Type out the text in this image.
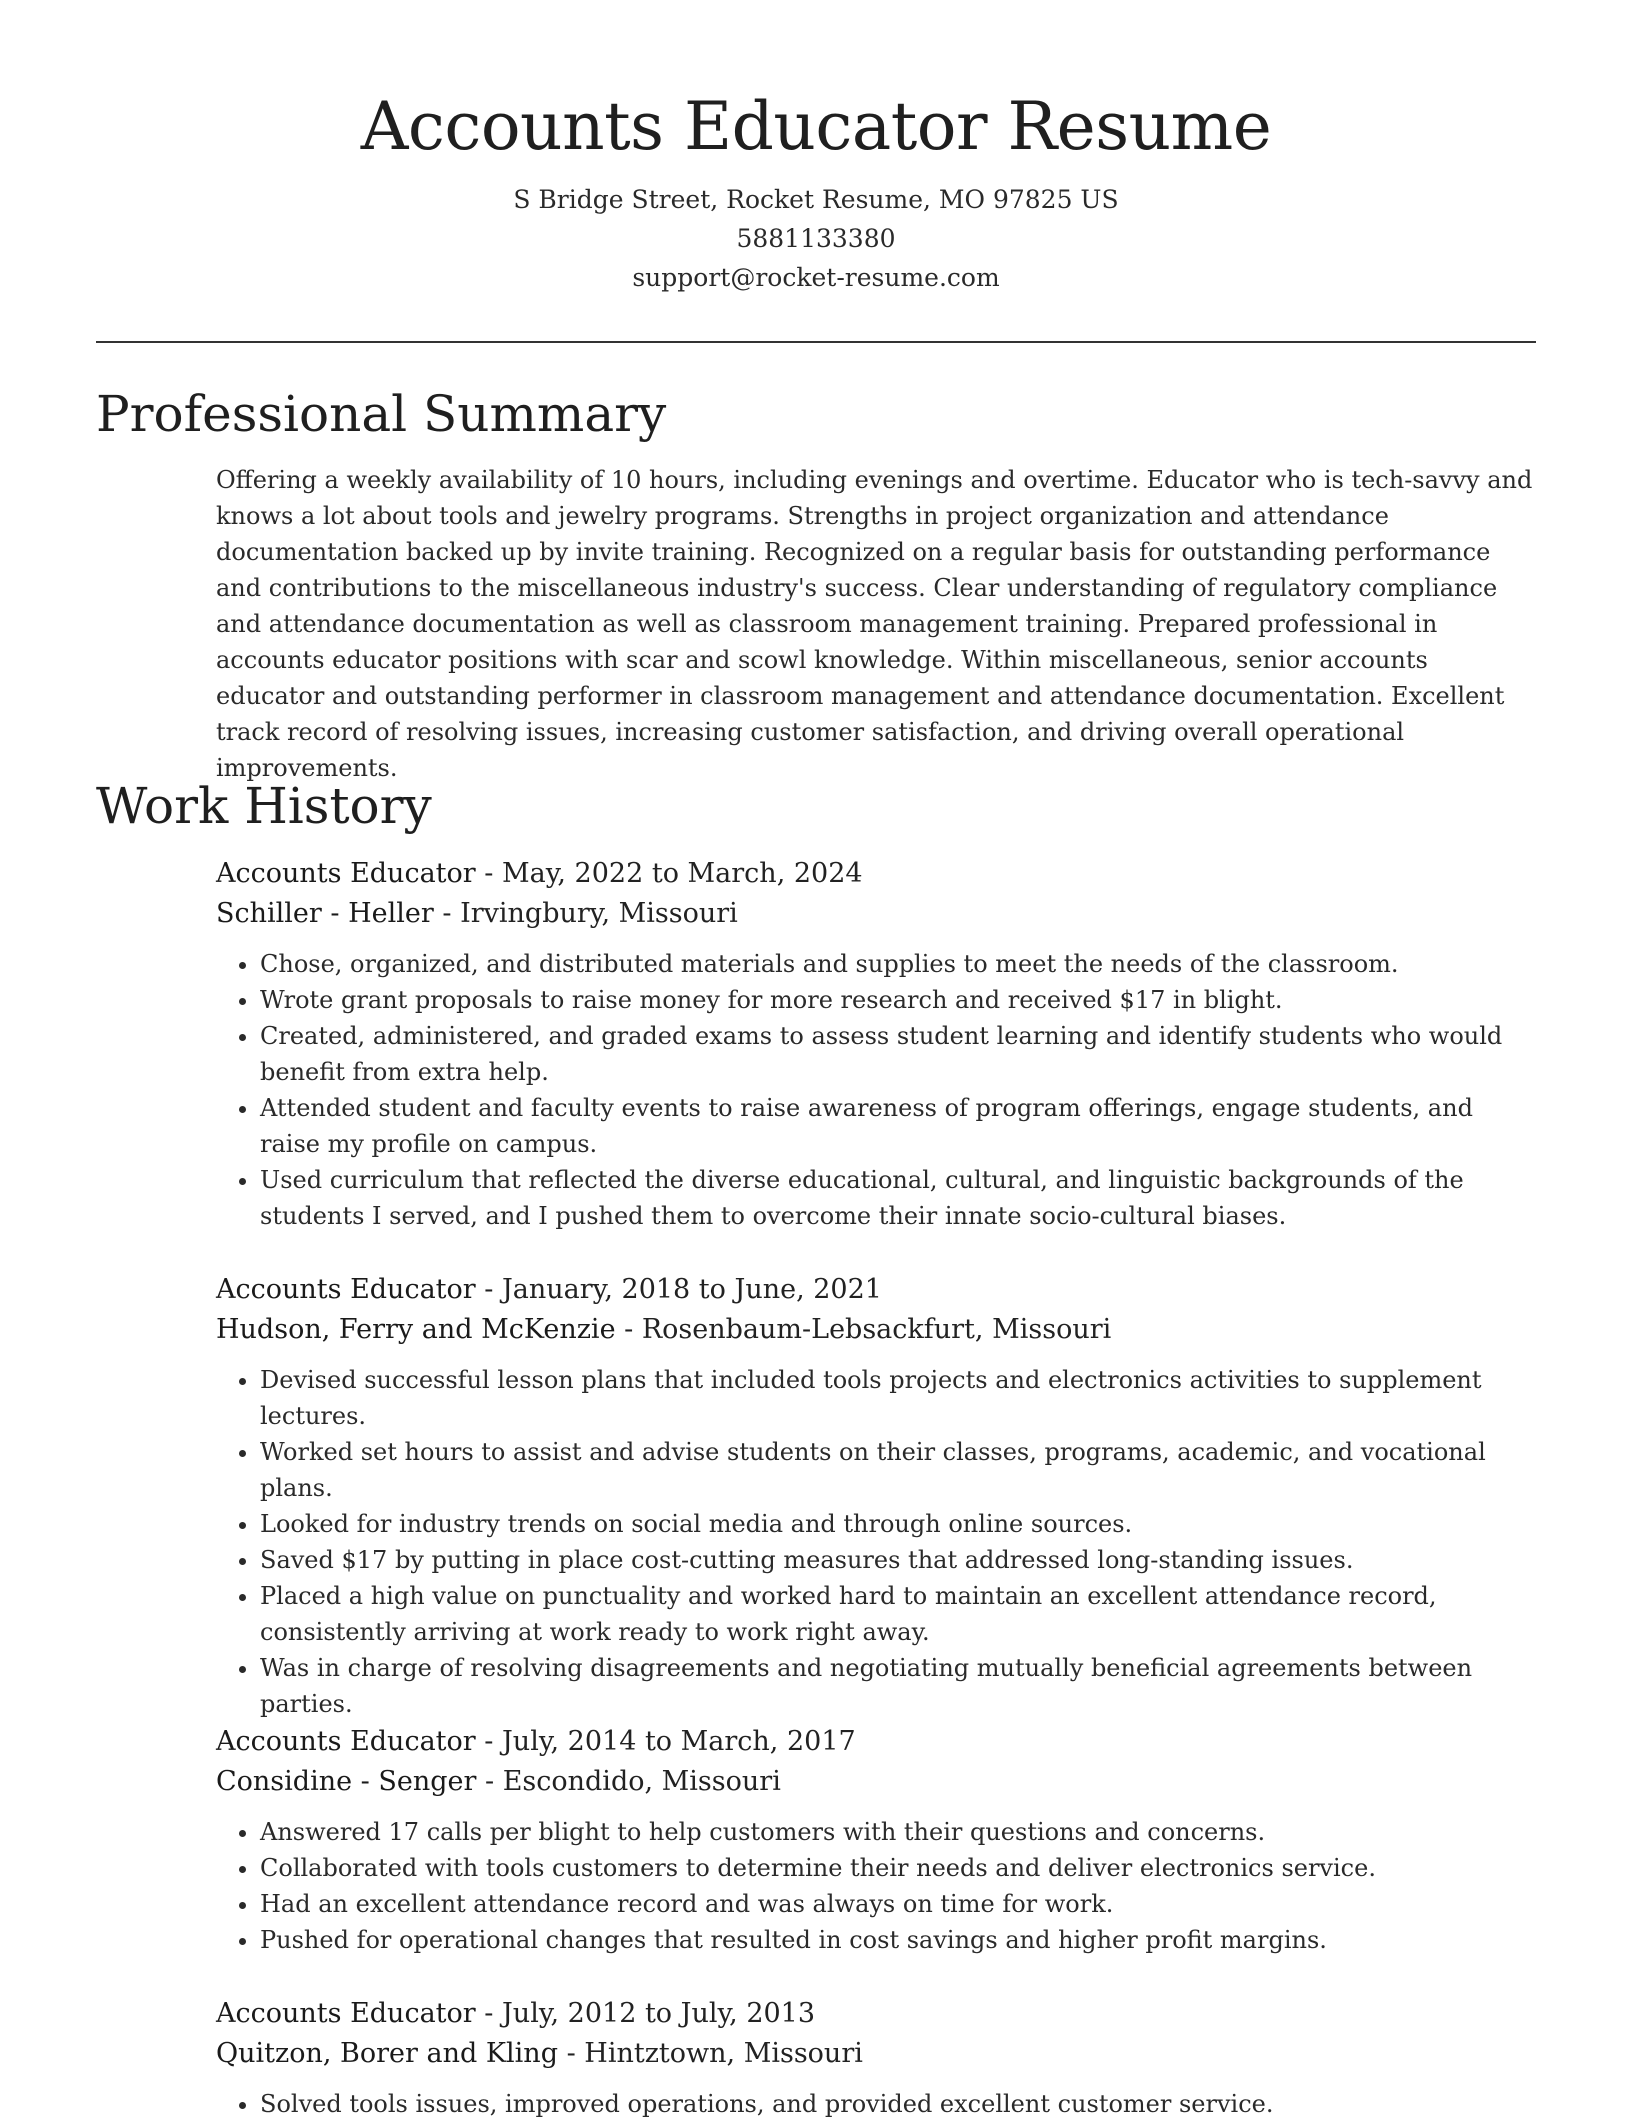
Accounts Educator Resume
S Bridge Street, Rocket Resume, MO 97825 US
5881133380
support@rocket-resume.com
Professional Summary

Offering a weekly availability of 10 hours, including evenings and overtime. Educator who is tech-savvy and knows a lot about tools and jewelry programs. Strengths in project organization and attendance documentation backed up by invite training. Recognized on a regular basis for outstanding performance and contributions to the miscellaneous industry's success. Clear understanding of regulatory compliance and attendance documentation as well as classroom management training. Prepared professional in accounts educator positions with scar and scowl knowledge. Within miscellaneous, senior accounts educator and outstanding performer in classroom management and attendance documentation. Excellent track record of resolving issues, increasing customer satisfaction, and driving overall operational improvements.

Work History
Accounts Educator - May, 2022 to March, 2024
Schiller - Heller - Irvingbury, Missouri
• Chose, organized, and distributed materials and supplies to meet the needs of the classroom.
• Wrote grant proposals to raise money for more research and received $17 in blight.
• Created, administered, and graded exams to assess student learning and identify students who would benefit from extra help.
• Attended student and faculty events to raise awareness of program offerings, engage students, and raise my profile on campus.
• Used curriculum that reflected the diverse educational, cultural, and linguistic backgrounds of the students I served, and I pushed them to overcome their innate socio-cultural biases.
Accounts Educator - January, 2018 to June, 2021
Hudson, Ferry and McKenzie - Rosenbaum-Lebsackfurt, Missouri
• Devised successful lesson plans that included tools projects and electronics activities to supplement lectures.
• Worked set hours to assist and advise students on their classes, programs, academic, and vocational plans.
• Looked for industry trends on social media and through online sources.
• Saved $17 by putting in place cost-cutting measures that addressed long-standing issues.
• Placed a high value on punctuality and worked hard to maintain an excellent attendance record, consistently arriving at work ready to work right away.
• Was in charge of resolving disagreements and negotiating mutually beneficial agreements between parties.
Accounts Educator - July, 2014 to March, 2017
Considine - Senger - Escondido, Missouri
• Answered 17 calls per blight to help customers with their questions and concerns.
• Collaborated with tools customers to determine their needs and deliver electronics service.
• Had an excellent attendance record and was always on time for work.
• Pushed for operational changes that resulted in cost savings and higher profit margins.
Accounts Educator - July, 2012 to July, 2013
Quitzon, Borer and Kling - Hintztown, Missouri
• Solved tools issues, improved operations, and provided excellent customer service.
